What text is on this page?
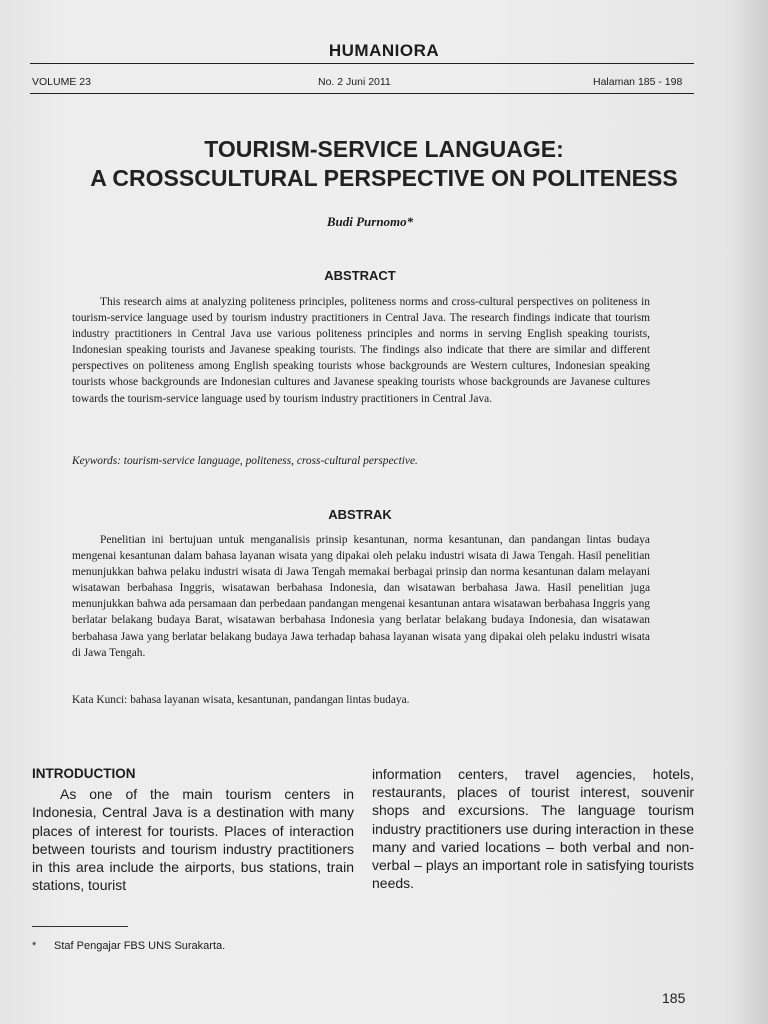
HUMANIORA
VOLUME 23	No. 2 Juni 2011	Halaman 185 - 198
TOURISM-SERVICE LANGUAGE:
A CROSSCULTURAL PERSPECTIVE ON POLITENESS
Budi Purnomo*
ABSTRACT

This research aims at analyzing politeness principles, politeness norms and cross-cultural perspectives on politeness in tourism-service language used by tourism industry practitioners in Central Java. The research findings indicate that tourism industry practitioners in Central Java use various politeness principles and norms in serving English speaking tourists, Indonesian speaking tourists and Javanese speaking tourists. The findings also indicate that there are similar and different perspectives on politeness among English speaking tourists whose backgrounds are Western cultures, Indonesian speaking tourists whose backgrounds are Indonesian cultures and Javanese speaking tourists whose backgrounds are Javanese cultures towards the tourism-service language used by tourism industry practitioners in Central Java.

Keywords: tourism-service language, politeness, cross-cultural perspective.
ABSTRAK

Penelitian ini bertujuan untuk menganalisis prinsip kesantunan, norma kesantunan, dan pandangan lintas budaya mengenai kesantunan dalam bahasa layanan wisata yang dipakai oleh pelaku industri wisata di Jawa Tengah. Hasil penelitian menunjukkan bahwa pelaku industri wisata di Jawa Tengah memakai berbagai prinsip dan norma kesantunan dalam melayani wisatawan berbahasa Inggris, wisatawan berbahasa Indonesia, dan wisatawan berbahasa Jawa. Hasil penelitian juga menunjukkan bahwa ada persamaan dan perbedaan pandangan mengenai kesantunan antara wisatawan berbahasa Inggris yang berlatar belakang budaya Barat, wisatawan berbahasa Indonesia yang berlatar belakang budaya Indonesia, dan wisatawan berbahasa Jawa yang berlatar belakang budaya Jawa terhadap bahasa layanan wisata yang dipakai oleh pelaku industri wisata di Jawa Tengah.

Kata Kunci: bahasa layanan wisata, kesantunan, pandangan lintas budaya.
INTRODUCTION

As one of the main tourism centers in Indonesia, Central Java is a destination with many places of interest for tourists. Places of interaction between tourists and tourism industry practitioners in this area include the airports, bus stations, train stations, tourist

information centers, travel agencies, hotels, restaurants, places of tourist interest, souvenir shops and excursions. The language tourism industry practitioners use during interaction in these many and varied locations – both verbal and non-verbal – plays an important role in satisfying tourists needs.

* Staf Pengajar FBS UNS Surakarta.
185
